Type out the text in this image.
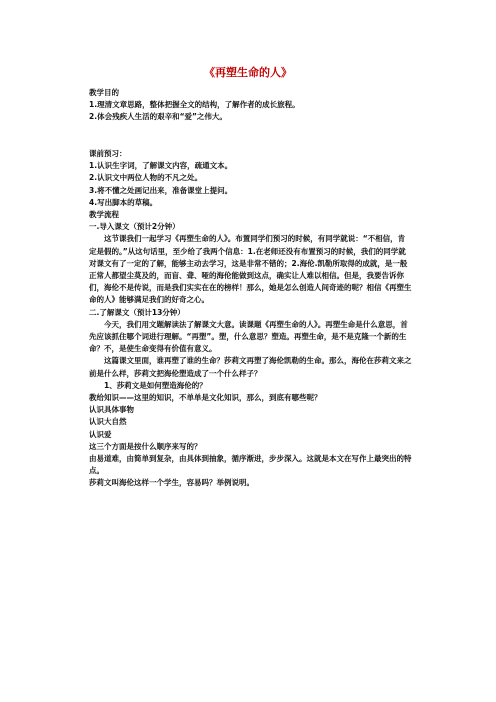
《再塑生命的人》

教学目的

1.理清文章思路，整体把握全文的结构，了解作者的成长旅程。

2.体会残疾人生活的艰辛和“爱”之伟大。

课前预习：

1.认识生字词，了解课文内容，疏通文本。

2.认识文中两位人物的不凡之处。

3.将不懂之处画记出来，准备课堂上提问。

4.写出脚本的草稿。

教学流程

一.导入课文（预计2分钟）

这节课我们一起学习《再塑生命的人》。布置同学们预习的时候，有同学就说：“不相信，肯定是假的。”从这句话里，至少给了我两个信息：1.在老师还没有布置预习的时候，我们的同学就对课文有了一定的了解，能够主动去学习，这是非常不错的；2.海伦.凯勒所取得的成就，是一般正常人都望尘莫及的，而盲、聋、哑的海伦能做到这点，确实让人难以相信。但是，我要告诉你们，海伦不是传说，而是我们实实在在的榜样！那么，她是怎么创造人间奇迹的呢？相信《再塑生命的人》能够满足我们的好奇之心。

二.了解课文（预计13分钟）

今天，我们用文题解读法了解课文大意。读课题《再塑生命的人》。再塑生命是什么意思，首先应该抓住哪个词进行理解。“再塑”。塑，什么意思？塑造。再塑生命，是不是克隆一个新的生命？不，是使生命变得有价值有意义。

这篇课文里面，谁再塑了谁的生命？莎莉文再塑了海伦凯勒的生命。那么，海伦在莎莉文来之前是什么样，莎莉文把海伦塑造成了一个什么样子？

1、莎莉文是如何塑造海伦的？

教给知识——这里的知识，不单单是文化知识，那么，到底有哪些呢？

认识具体事物

认识大自然

认识爱

这三个方面是按什么顺序来写的？

由易道难，由简单到复杂，由具体到抽象，循序渐进，步步深入。这就是本文在写作上最突出的特点。

莎莉文叫海伦这样一个学生，容易吗？举例说明。
